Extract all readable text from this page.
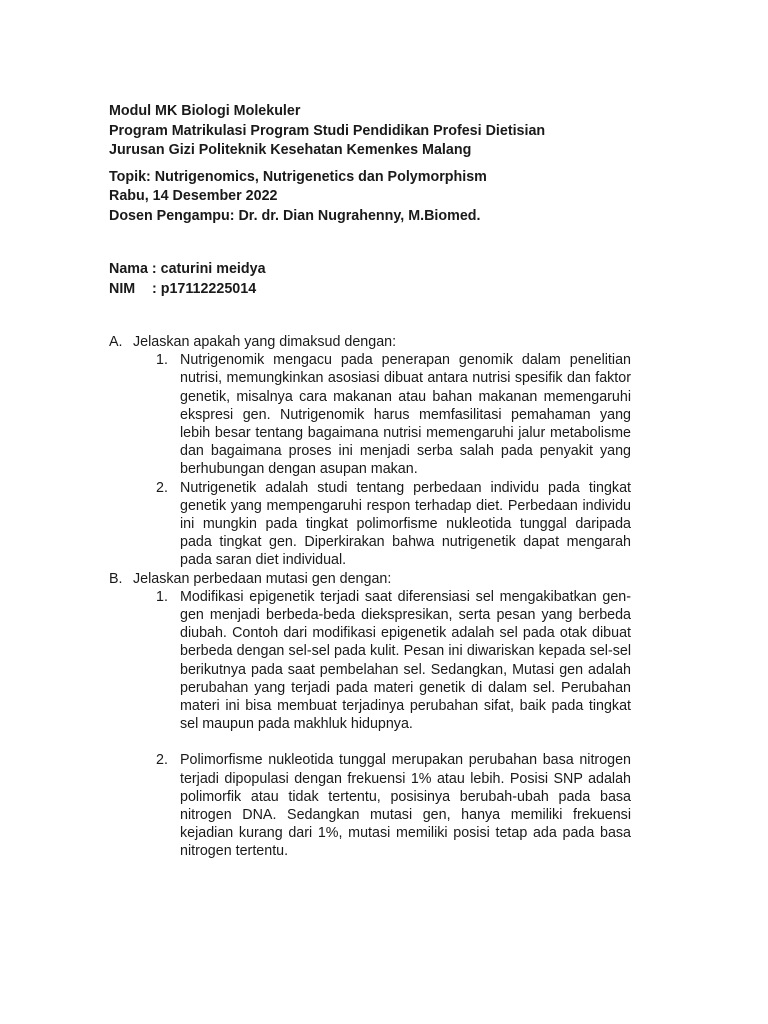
Modul MK Biologi Molekuler
Program Matrikulasi Program Studi Pendidikan Profesi Dietisian
Jurusan Gizi Politeknik Kesehatan Kemenkes Malang
Topik: Nutrigenomics, Nutrigenetics dan Polymorphism
Rabu, 14 Desember 2022
Dosen Pengampu: Dr. dr. Dian Nugrahenny, M.Biomed.
Nama : caturini meidya
NIM : p17112225014
A. Jelaskan apakah yang dimaksud dengan:
1. Nutrigenomik mengacu pada penerapan genomik dalam penelitian nutrisi, memungkinkan asosiasi dibuat antara nutrisi spesifik dan faktor genetik, misalnya cara makanan atau bahan makanan memengaruhi ekspresi gen. Nutrigenomik harus memfasilitasi pemahaman yang lebih besar tentang bagaimana nutrisi memengaruhi jalur metabolisme dan bagaimana proses ini menjadi serba salah pada penyakit yang berhubungan dengan asupan makan.
2. Nutrigenetik adalah studi tentang perbedaan individu pada tingkat genetik yang mempengaruhi respon terhadap diet. Perbedaan individu ini mungkin pada tingkat polimorfisme nukleotida tunggal daripada pada tingkat gen. Diperkirakan bahwa nutrigenetik dapat mengarah pada saran diet individual.
B. Jelaskan perbedaan mutasi gen dengan:
1. Modifikasi epigenetik terjadi saat diferensiasi sel mengakibatkan gen-gen menjadi berbeda-beda diekspresikan, serta pesan yang berbeda diubah. Contoh dari modifikasi epigenetik adalah sel pada otak dibuat berbeda dengan sel-sel pada kulit. Pesan ini diwariskan kepada sel-sel berikutnya pada saat pembelahan sel. Sedangkan, Mutasi gen adalah perubahan yang terjadi pada materi genetik di dalam sel. Perubahan materi ini bisa membuat terjadinya perubahan sifat, baik pada tingkat sel maupun pada makhluk hidupnya.
2. Polimorfisme nukleotida tunggal merupakan perubahan basa nitrogen terjadi dipopulasi dengan frekuensi 1% atau lebih. Posisi SNP adalah polimorfik atau tidak tertentu, posisinya berubah-ubah pada basa nitrogen DNA. Sedangkan mutasi gen, hanya memiliki frekuensi kejadian kurang dari 1%, mutasi memiliki posisi tetap ada pada basa nitrogen tertentu.
